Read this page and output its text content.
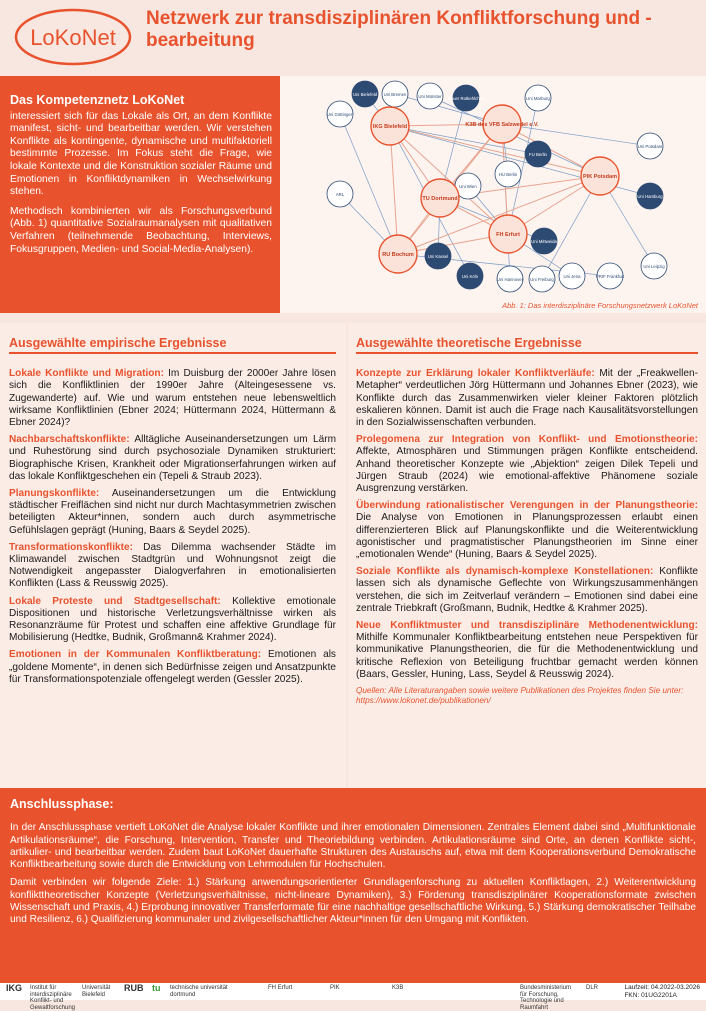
LoKoNet
Netzwerk zur transdisziplinären Konfliktforschung und -bearbeitung
Das Kompetenznetz LoKoNet

interessiert sich für das Lokale als Ort, an dem Konflikte manifest, sicht- und bearbeitbar werden. Wir verstehen Konflikte als kontingente, dynamische und multifaktoriell bestimmte Prozesse. Im Fokus steht die Frage, wie lokale Kontexte und die Konstruktion sozialer Räume und Emotionen in Konfliktdynamiken in Wechselwirkung stehen.

Methodisch kombinierten wir als Forschungsverbund (Abb. 1) quantitative Sozialraumanalysen mit qualitativen Verfahren (teilnehmende Beobachtung, Interviews, Fokusgruppen, Medien- und Social-Media-Analysen).

Uni Bielefeld Uni Bremen	Uni Münster Neuer Rotkehlchen	Uni Marburg
Uni Göttingen
FU Berlin
HU Berlin
Uni Leipzig
Uni Kassel
Uni Wien
ARL
Uni Köln
Uni Hannover Uni Freiburg
Uni Mittweida
Uni Jena	PRIF Frankfurt
Uni Hamburg
Uni Potsdam
IKG Bielefeld	K3B des VFB Salzwedel e.V.
PIK Potsdam
TU Dortmund
FH Erfurt
RU Bochum
Abb. 1: Das interdisziplinäre Forschungsnetzwerk LoKoNet
Ausgewählte empirische Ergebnisse
Lokale Konflikte und Migration: Im Duisburg der 2000er Jahre lösen sich die Konfliktlinien der 1990er Jahre (Alteingesessene vs. Zugewanderte) auf. Wie und warum entstehen neue lebensweltlich wirksame Konfliktlinien (Ebner 2024; Hüttermann 2024, Hüttermann & Ebner 2024)?
Nachbarschaftskonflikte: Alltägliche Auseinandersetzungen um Lärm und Ruhestörung sind durch psychosoziale Dynamiken strukturiert: Biographische Krisen, Krankheit oder Migrationserfahrungen wirken auf das lokale Konfliktgeschehen ein (Tepeli & Straub 2023).
Planungskonflikte: Auseinandersetzungen um die Entwicklung städtischer Freiflächen sind nicht nur durch Machtasymmetrien zwischen beteiligten Akteur*innen, sondern auch durch asymmetrische Gefühlslagen geprägt (Huning, Baars & Seydel 2025).
Transformationskonflikte: Das Dilemma wachsender Städte im Klimawandel zwischen Stadtgrün und Wohnungsnot zeigt die Notwendigkeit angepasster Dialogverfahren in emotionalisierten Konflikten (Lass & Reusswig 2025).
Lokale Proteste und Stadtgesellschaft: Kollektive emotionale Dispositionen und historische Verletzungsverhältnisse wirken als Resonanzräume für Protest und schaffen eine affektive Grundlage für Mobilisierung (Hedtke, Budnik, Großmann& Krahmer 2024).
Emotionen in der Kommunalen Konfliktberatung: Emotionen als „goldene Momente“, in denen sich Bedürfnisse zeigen und Ansatzpunkte für Transformationspotenziale offengelegt werden (Gessler 2025).
Ausgewählte theoretische Ergebnisse
Konzepte zur Erklärung lokaler Konfliktverläufe: Mit der „Freakwellen-Metapher“ verdeutlichen Jörg Hüttermann und Johannes Ebner (2023), wie Konflikte durch das Zusammenwirken vieler kleiner Faktoren plötzlich eskalieren können. Damit ist auch die Frage nach Kausalitätsvorstellungen in den Sozialwissenschaften verbunden.
Prolegomena zur Integration von Konflikt- und Emotionstheorie: Affekte, Atmosphären und Stimmungen prägen Konflikte entscheidend. Anhand theoretischer Konzepte wie „Abjektion“ zeigen Dilek Tepeli und Jürgen Straub (2024) wie emotional-affektive Phänomene soziale Ausgrenzung verstärken.
Überwindung rationalistischer Verengungen in der Planungstheorie: Die Analyse von Emotionen in Planungsprozessen erlaubt einen differenzierteren Blick auf Planungskonflikte und die Weiterentwicklung agonistischer und pragmatistischer Planungstheorien im Sinne einer „emotionalen Wende“ (Huning, Baars & Seydel 2025).
Soziale Konflikte als dynamisch-komplexe Konstellationen: Konflikte lassen sich als dynamische Geflechte von Wirkungszusammenhängen verstehen, die sich im Zeitverlauf verändern – Emotionen sind dabei eine zentrale Triebkraft (Großmann, Budnik, Hedtke & Krahmer 2025).
Neue Konfliktmuster und transdisziplinäre Methodenentwicklung: Mithilfe Kommunaler Konfliktbearbeitung entstehen neue Perspektiven für kommunikative Planungstheorien, die für die Methodenentwicklung und kritische Reflexion von Beteiligung fruchtbar gemacht werden können (Baars, Gessler, Huning, Lass, Seydel & Reusswig 2024).
Quellen: Alle Literaturangaben sowie weitere Publikationen des Projektes finden Sie unter: https://www.lokonet.de/publikationen/
Anschlussphase:

In der Anschlussphase vertieft LoKoNet die Analyse lokaler Konflikte und ihrer emotionalen Dimensionen. Zentrales Element dabei sind „Multifunktionale Artikulationsräume“, die Forschung, Intervention, Transfer und Theoriebildung verbinden. Artikulationsräume sind Orte, an denen Konflikte sicht-, artikulier- und bearbeitbar werden. Zudem baut LoKoNet dauerhafte Strukturen des Austauschs auf, etwa mit dem Kooperationsverbund Demokratische Konfliktbearbeitung sowie durch die Entwicklung von Lehrmodulen für Hochschulen.

Damit verbinden wir folgende Ziele: 1.) Stärkung anwendungsorientierter Grundlagenforschung zu aktuellen Konfliktlagen, 2.) Weiterentwicklung konflikttheoretischer Konzepte (Verletzungsverhältnisse, nicht-lineare Dynamiken), 3.) Förderung transdisziplinärer Kooperationsformate zwischen Wissenschaft und Praxis, 4.) Erprobung innovativer Transferformate für eine nachhaltige gesellschaftliche Wirkung, 5.) Stärkung demokratischer Teilhabe und Resilienz, 6.) Qualifizierung kommunaler und zivilgesellschaftlicher Akteur*innen für den Umgang mit Konflikten.

IKG Institut für interdisziplinäre Konflikt- und Gewaltforschung
Universität Bielefeld
RUB tu technische universität dortmund
FH Erfurt	PIK	K3B	Bundesministerium für Forschung, Technologie und Raumfahrt
DLR	Laufzeit: 04.2022-03.2026
FKN: 01UG2201A
